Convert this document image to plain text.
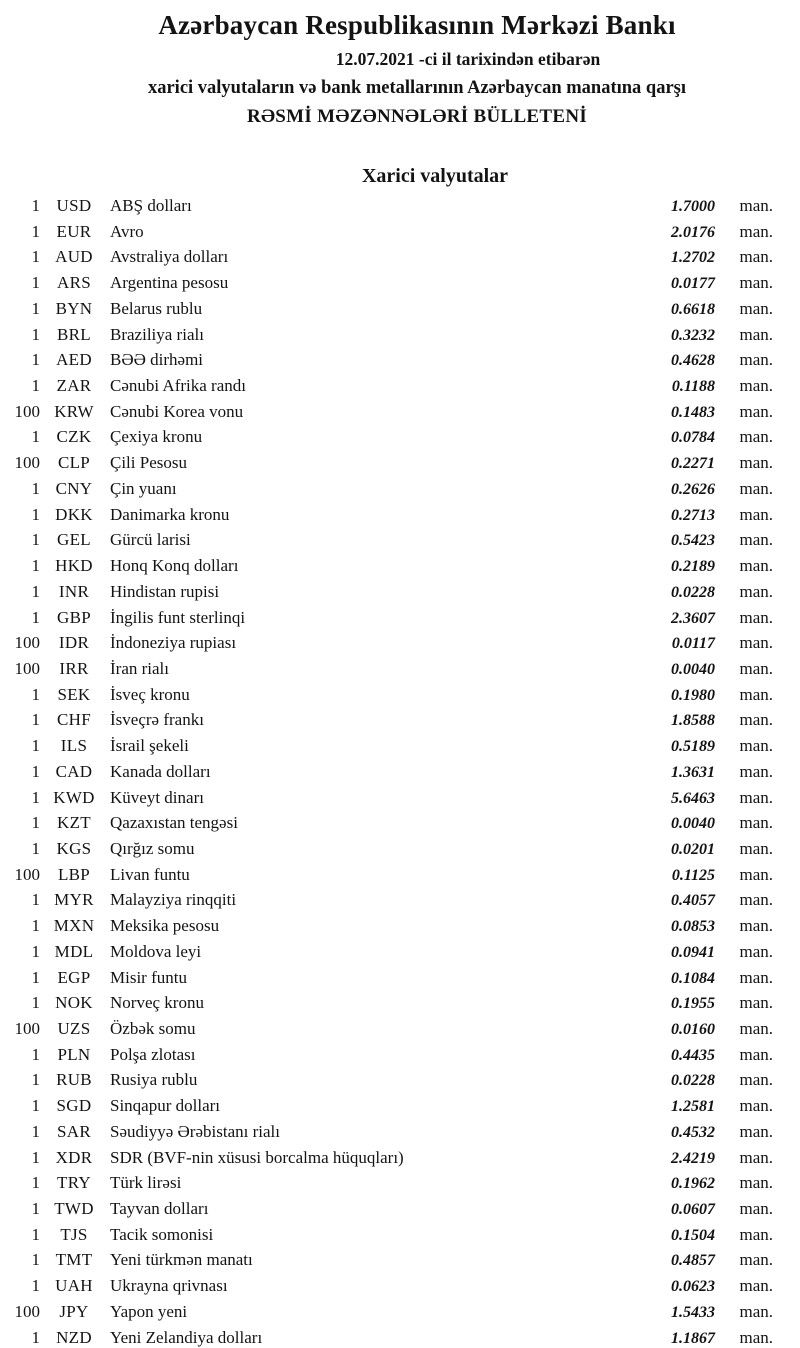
Azərbaycan Respublikasının Mərkəzi Bankı
12.07.2021 -ci il tarixindən etibarən
xarici valyutaların və bank metallarının Azərbaycan manatına qarşı
RƏSMİ MƏZƏNNƏLƏRİ BÜLLETENİ
Xarici valyutalar
1 USD	ABŞ dolları	1.7000	man.
1 EUR	Avro	2.0176	man.
1 AUD	Avstraliya dolları	1.2702	man.
1	ARS	Argentina pesosu	0.0177	man.
1 BYN	Belarus rublu	0.6618	man.
1	BRL	Braziliya rialı	0.3232	man.
1 AED	BƏƏ dirhəmi	0.4628	man.
1 ZAR	Cənubi Afrika randı	0.1188	man.
100 KRW Cənubi Korea vonu	0.1483	man.
1 CZK	Çexiya kronu	0.0784	man.
100	CLP	Çili Pesosu	0.2271	man.
1 CNY	Çin yuanı	0.2626	man.
1 DKK	Danimarka kronu	0.2713	man.
1	GEL	Gürcü larisi	0.5423	man.
1 HKD	Honq Konq dolları	0.2189	man.
1	INR	Hindistan rupisi	0.0228	man.
1	GBP	İngilis funt sterlinqi	2.3607	man.
100	IDR	İndoneziya rupiası	0.0117	man.
100	IRR	İran rialı	0.0040	man.
1	SEK	İsveç kronu	0.1980	man.
1	CHF	İsveçrə frankı	1.8588	man.
1	ILS	İsrail şekeli	0.5189	man.
1 CAD	Kanada dolları	1.3631	man.
1 KWD Küveyt dinarı	5.6463	man.
1	KZT	Qazaxıstan tengəsi	0.0040	man.
1 KGS	Qırğız somu	0.0201	man.
100	LBP	Livan funtu	0.1125	man.
1 MYR Malayziya rinqqiti	0.4057	man.
1 MXN Meksika pesosu	0.0853	man.
1 MDL Moldova leyi	0.0941	man.
1	EGP	Misir funtu	0.1084	man.
1 NOK	Norveç kronu	0.1955	man.
100	UZS	Özbək somu	0.0160	man.
1	PLN	Polşa zlotası	0.4435	man.
1 RUB	Rusiya rublu	0.0228	man.
1 SGD	Sinqapur dolları	1.2581	man.
1	SAR	Səudiyyə Ərəbistanı rialı	0.4532	man.
1 XDR	SDR (BVF-nin xüsusi borcalma hüquqları)	2.4219	man.
1	TRY	Türk lirəsi	0.1962	man.
1 TWD Tayvan dolları	0.0607	man.
1	TJS	Tacik somonisi	0.1504	man.
1 TMT	Yeni türkmən manatı	0.4857	man.
1 UAH	Ukrayna qrivnası	0.0623	man.
100	JPY	Yapon yeni	1.5433	man.
1 NZD	Yeni Zelandiya dolları	1.1867	man.
